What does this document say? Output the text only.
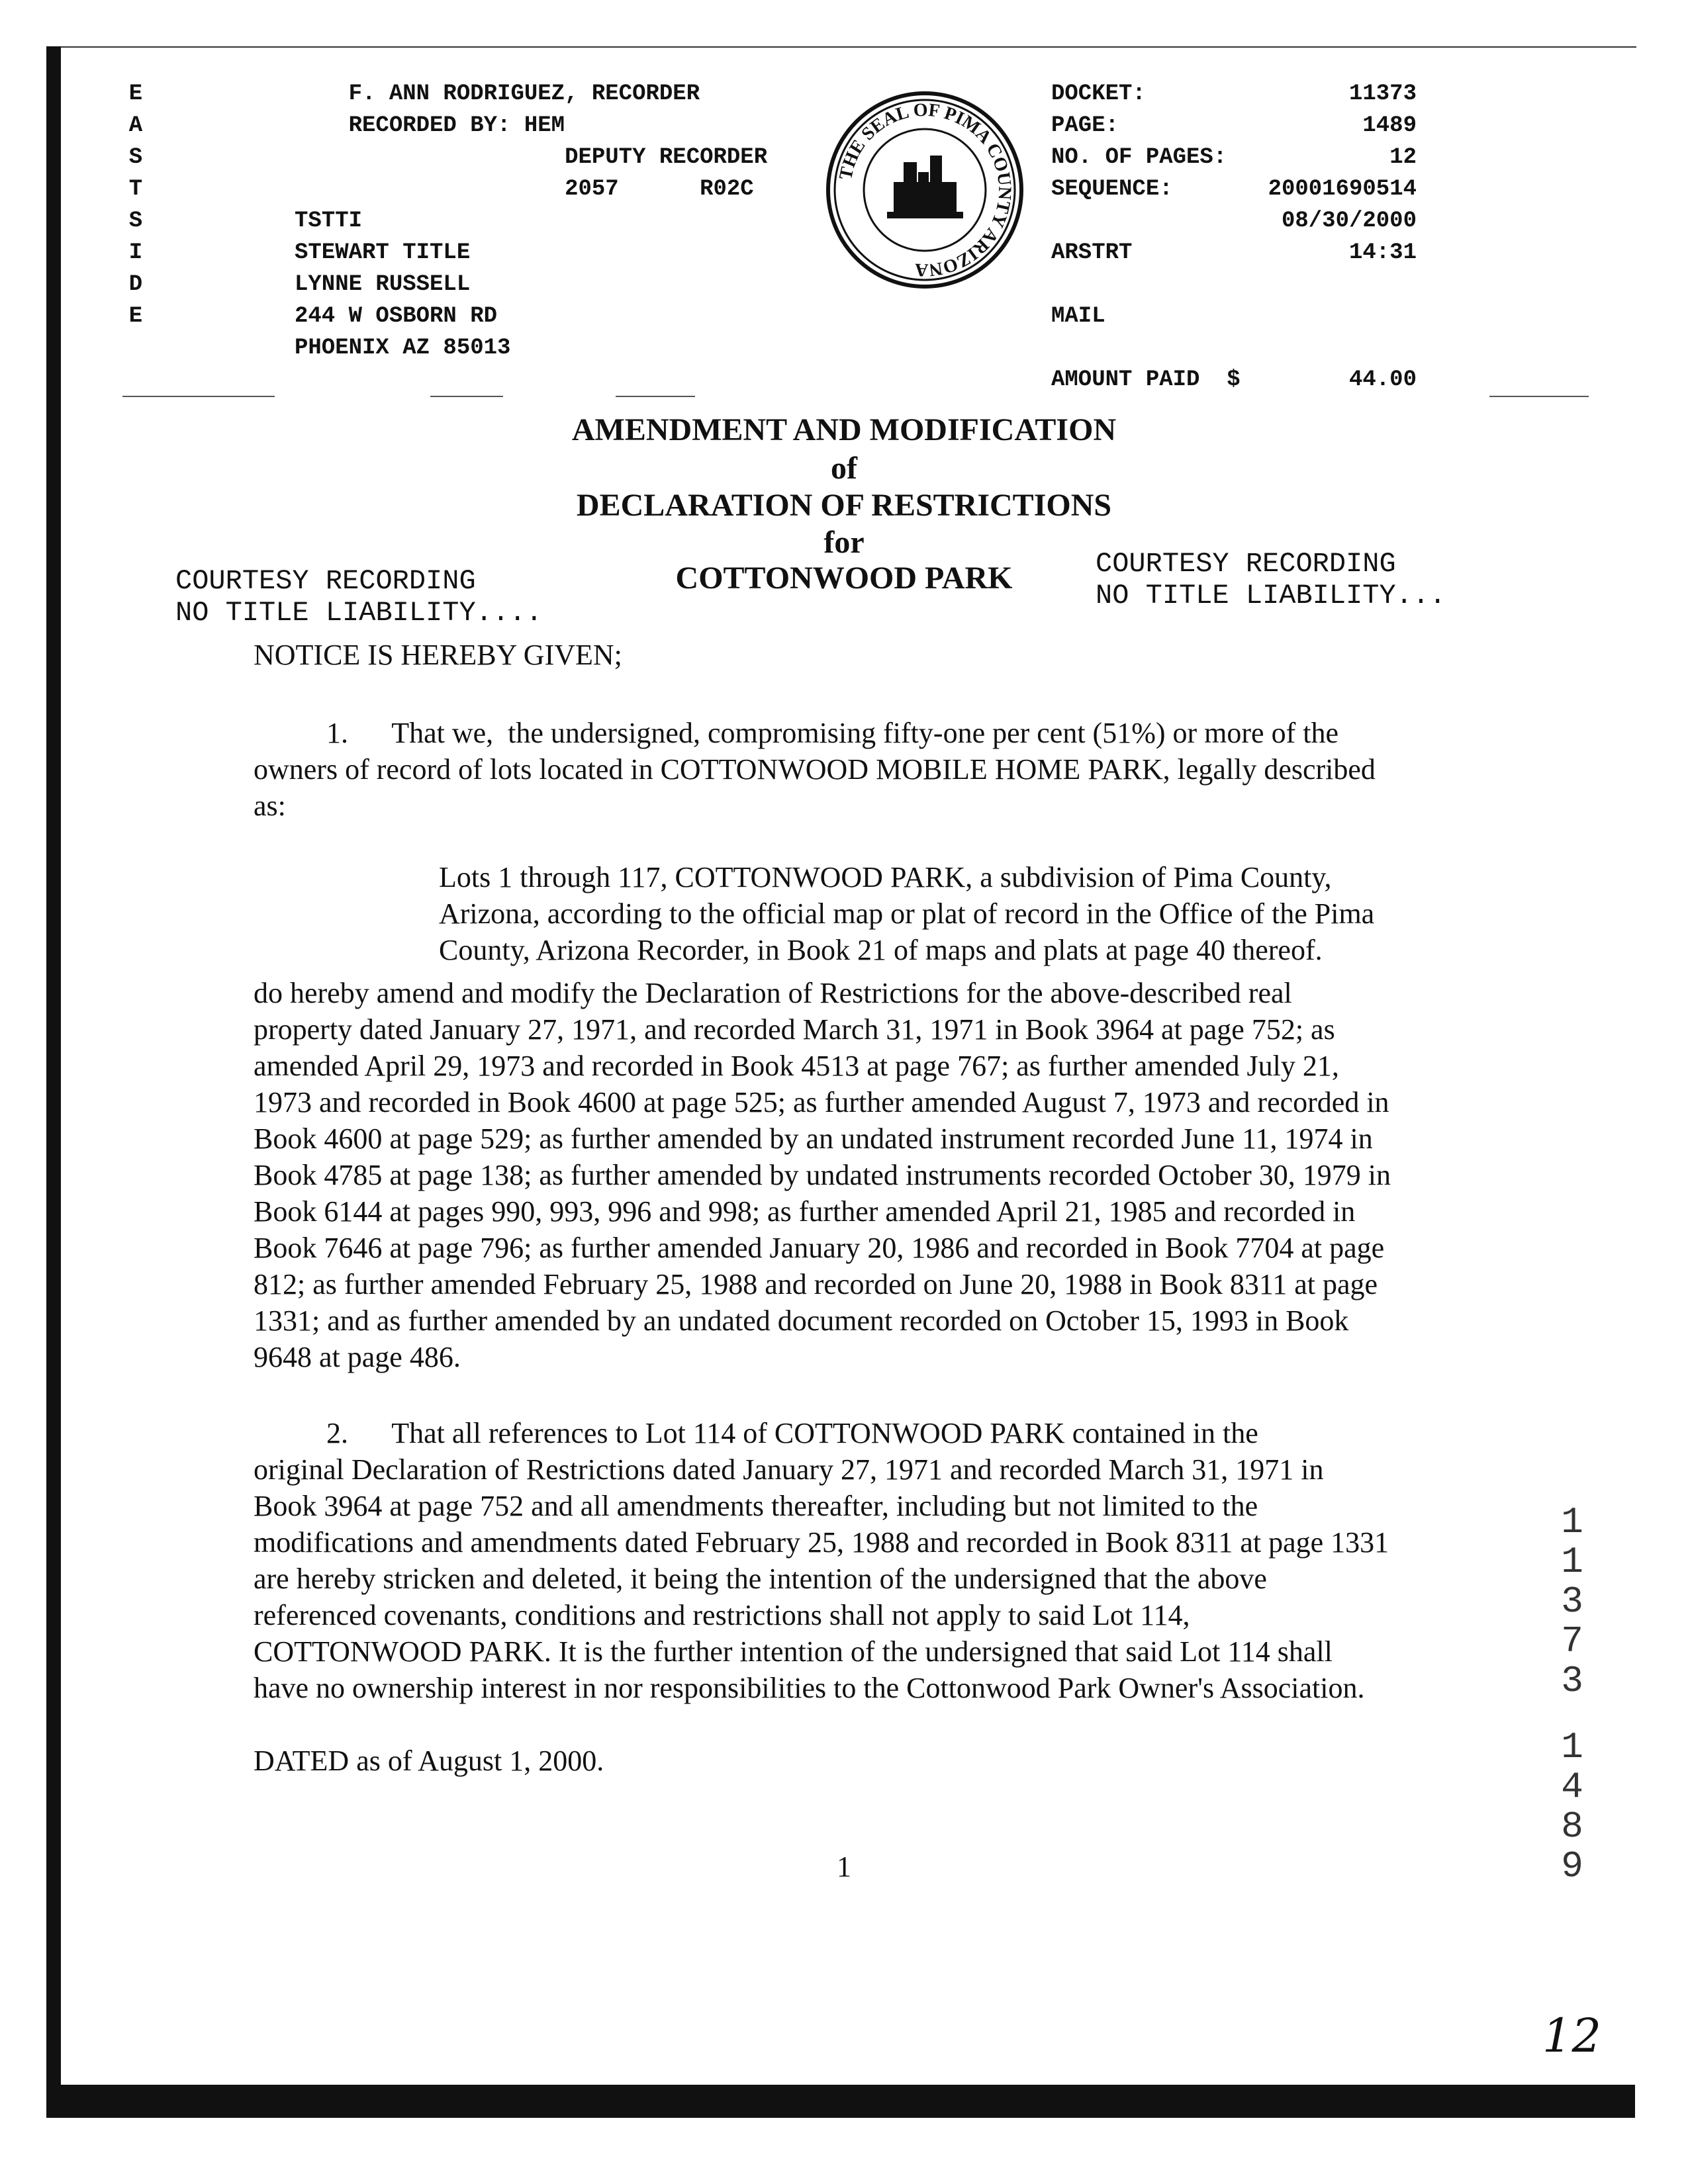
E
A
S
T
S
I
D
E
F. ANN RODRIGUEZ, RECORDER
RECORDED BY: HEM
DEPUTY RECORDER
2057      R02C
TSTTI
STEWART TITLE
LYNNE RUSSELL
244 W OSBORN RD
PHOENIX AZ 85013
THE SEAL OF PIMA COUNTY ARIZONA
DOCKET:
PAGE:
NO. OF PAGES:
SEQUENCE:
ARSTRT
MAIL
AMOUNT PAID  $
11373
1489
12
20001690514
08/30/2000
14:31
44.00
AMENDMENT AND MODIFICATION
of
DECLARATION OF RESTRICTIONS
for
COTTONWOOD PARK
COURTESY RECORDING
NO TITLE LIABILITY....
COURTESY RECORDING
NO TITLE LIABILITY...
NOTICE IS HEREBY GIVEN;
1.      That we,  the undersigned, compromising fifty-one per cent (51%) or more of the
owners of record of lots located in COTTONWOOD MOBILE HOME PARK, legally described
as:
Lots 1 through 117, COTTONWOOD PARK, a subdivision of Pima County,
Arizona, according to the official map or plat of record in the Office of the Pima
County, Arizona Recorder, in Book 21 of maps and plats at page 40 thereof.
do hereby amend and modify the Declaration of Restrictions for the above-described real
property dated January 27, 1971, and recorded March 31, 1971 in Book 3964 at page 752; as
amended April 29, 1973 and recorded in Book 4513 at page 767; as further amended July 21,
1973 and recorded in Book 4600 at page 525; as further amended August 7, 1973 and recorded in
Book 4600 at page 529; as further amended by an undated instrument recorded June 11, 1974 in
Book 4785 at page 138; as further amended by undated instruments recorded October 30, 1979 in
Book 6144 at pages 990, 993, 996 and 998; as further amended April 21, 1985 and recorded in
Book 7646 at page 796; as further amended January 20, 1986 and recorded in Book 7704 at page
812; as further amended February 25, 1988 and recorded on June 20, 1988 in Book 8311 at page
1331; and as further amended by an undated document recorded on October 15, 1993 in Book
9648 at page 486.
2.      That all references to Lot 114 of COTTONWOOD PARK contained in the
original Declaration of Restrictions dated January 27, 1971 and recorded March 31, 1971 in
Book 3964 at page 752 and all amendments thereafter, including but not limited to the
modifications and amendments dated February 25, 1988 and recorded in Book 8311 at page 1331
are hereby stricken and deleted, it being the intention of the undersigned that the above
referenced covenants, conditions and restrictions shall not apply to said Lot 114,
COTTONWOOD PARK. It is the further intention of the undersigned that said Lot 114 shall
have no ownership interest in nor responsibilities to the Cottonwood Park Owner's Association.
DATED as of August 1, 2000.
1
1
3
7
3
1
4
8
9
1
12
